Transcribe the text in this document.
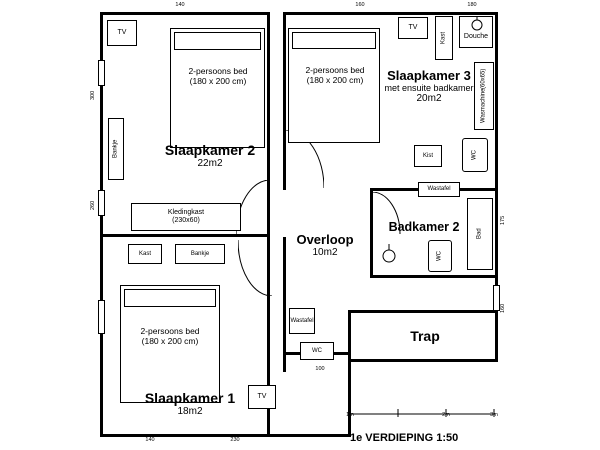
TV
2-persoons bed
(180 x 200 cm)
Bankje	Slaapkamer 2
22m2
Kledingkast
(230x60)
2-persoons bed
(180 x 200 cm)
TV
Kast	Douche
Slaapkamer 3
met ensuite badkamer
20m2	Wasmachine
(60x65)
Kist	WC
Wastafel
Badkamer 2
WC
Bad
Overloop
10m2
Wastafel
WC
Trap
Kast	Bankje
2-persoons bed
(180 x 200 cm)
TV
Slaapkamer 1
18m2
140	160	180
300
260
140	230
175
160
100
1m	2m	3m
1e VERDIEPING 1:50
